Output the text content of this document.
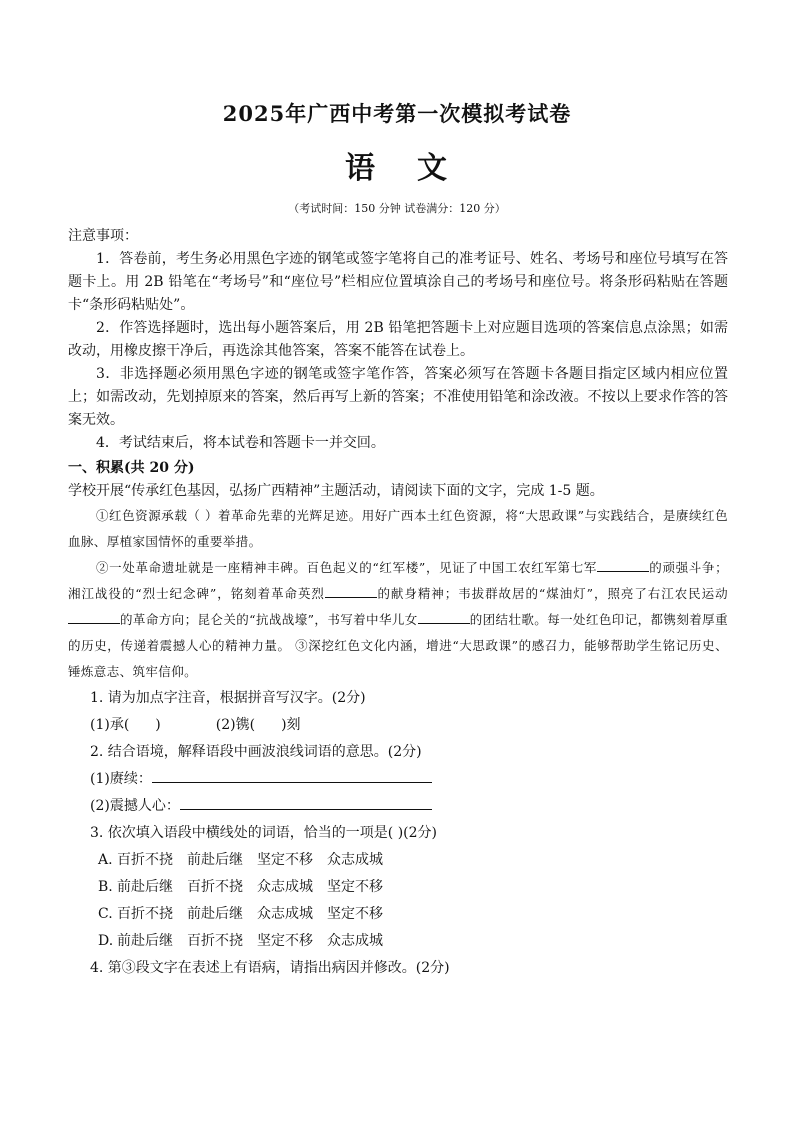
2025年广西中考第一次模拟考试卷
语 文
（考试时间：150 分钟 试卷满分：120 分）

注意事项：

1．答卷前，考生务必用黑色字迹的钢笔或签字笔将自己的准考证号、姓名、考场号和座位号填写在答题卡上。用 2B 铅笔在“考场号”和“座位号”栏相应位置填涂自己的考场号和座位号。将条形码粘贴在答题卡“条形码粘贴处”。

2．作答选择题时，选出每小题答案后，用 2B 铅笔把答题卡上对应题目选项的答案信息点涂黑；如需改动，用橡皮擦干净后，再选涂其他答案，答案不能答在试卷上。

3．非选择题必须用黑色字迹的钢笔或签字笔作答，答案必须写在答题卡各题目指定区域内相应位置上；如需改动，先划掉原来的答案，然后再写上新的答案；不准使用铅笔和涂改液。不按以上要求作答的答案无效。

4．考试结束后，将本试卷和答题卡一并交回。

一、积累(共 20 分)

学校开展“传承红色基因，弘扬广西精神”主题活动，请阅读下面的文字，完成 1-5 题。

①红色资源承载（ ）着革命先辈的光辉足迹。用好广西本土红色资源，将“大思政课”与实践结合，是赓续红色血脉、厚植家国情怀的重要举措。

②一处革命遗址就是一座精神丰碑。百色起义的“红军楼”，见证了中国工农红军第七军	的顽强斗争；湘江战役的“烈士纪念碑”，铭刻着革命英烈	的献身精神；韦拔群故居的“煤油灯”，照亮了右江农民运动的革命方向；昆仑关的“抗战战壕”，书写着中华儿女	的团结壮歌。每一处红色印记，都镌刻着厚重的历史，传递着震撼人心的精神力量。 ③深挖红色文化内涵，增进“大思政课”的感召力，能够帮助学生铭记历史、锤炼意志、筑牢信仰。

1. 请为加点字注音，根据拼音写汉字。(2分)

(1)承( )	(2)镌( )刻

2. 结合语境，解释语段中画波浪线词语的意思。(2分)

(1)赓续：

(2)震撼人心：

3. 依次填入语段中横线处的词语，恰当的一项是( )(2分)

A. 百折不挠 前赴后继 坚定不移 众志成城

B. 前赴后继 百折不挠 众志成城 坚定不移

C. 百折不挠 前赴后继 众志成城 坚定不移

D. 前赴后继 百折不挠 坚定不移 众志成城

4. 第③段文字在表述上有语病，请指出病因并修改。(2分)
